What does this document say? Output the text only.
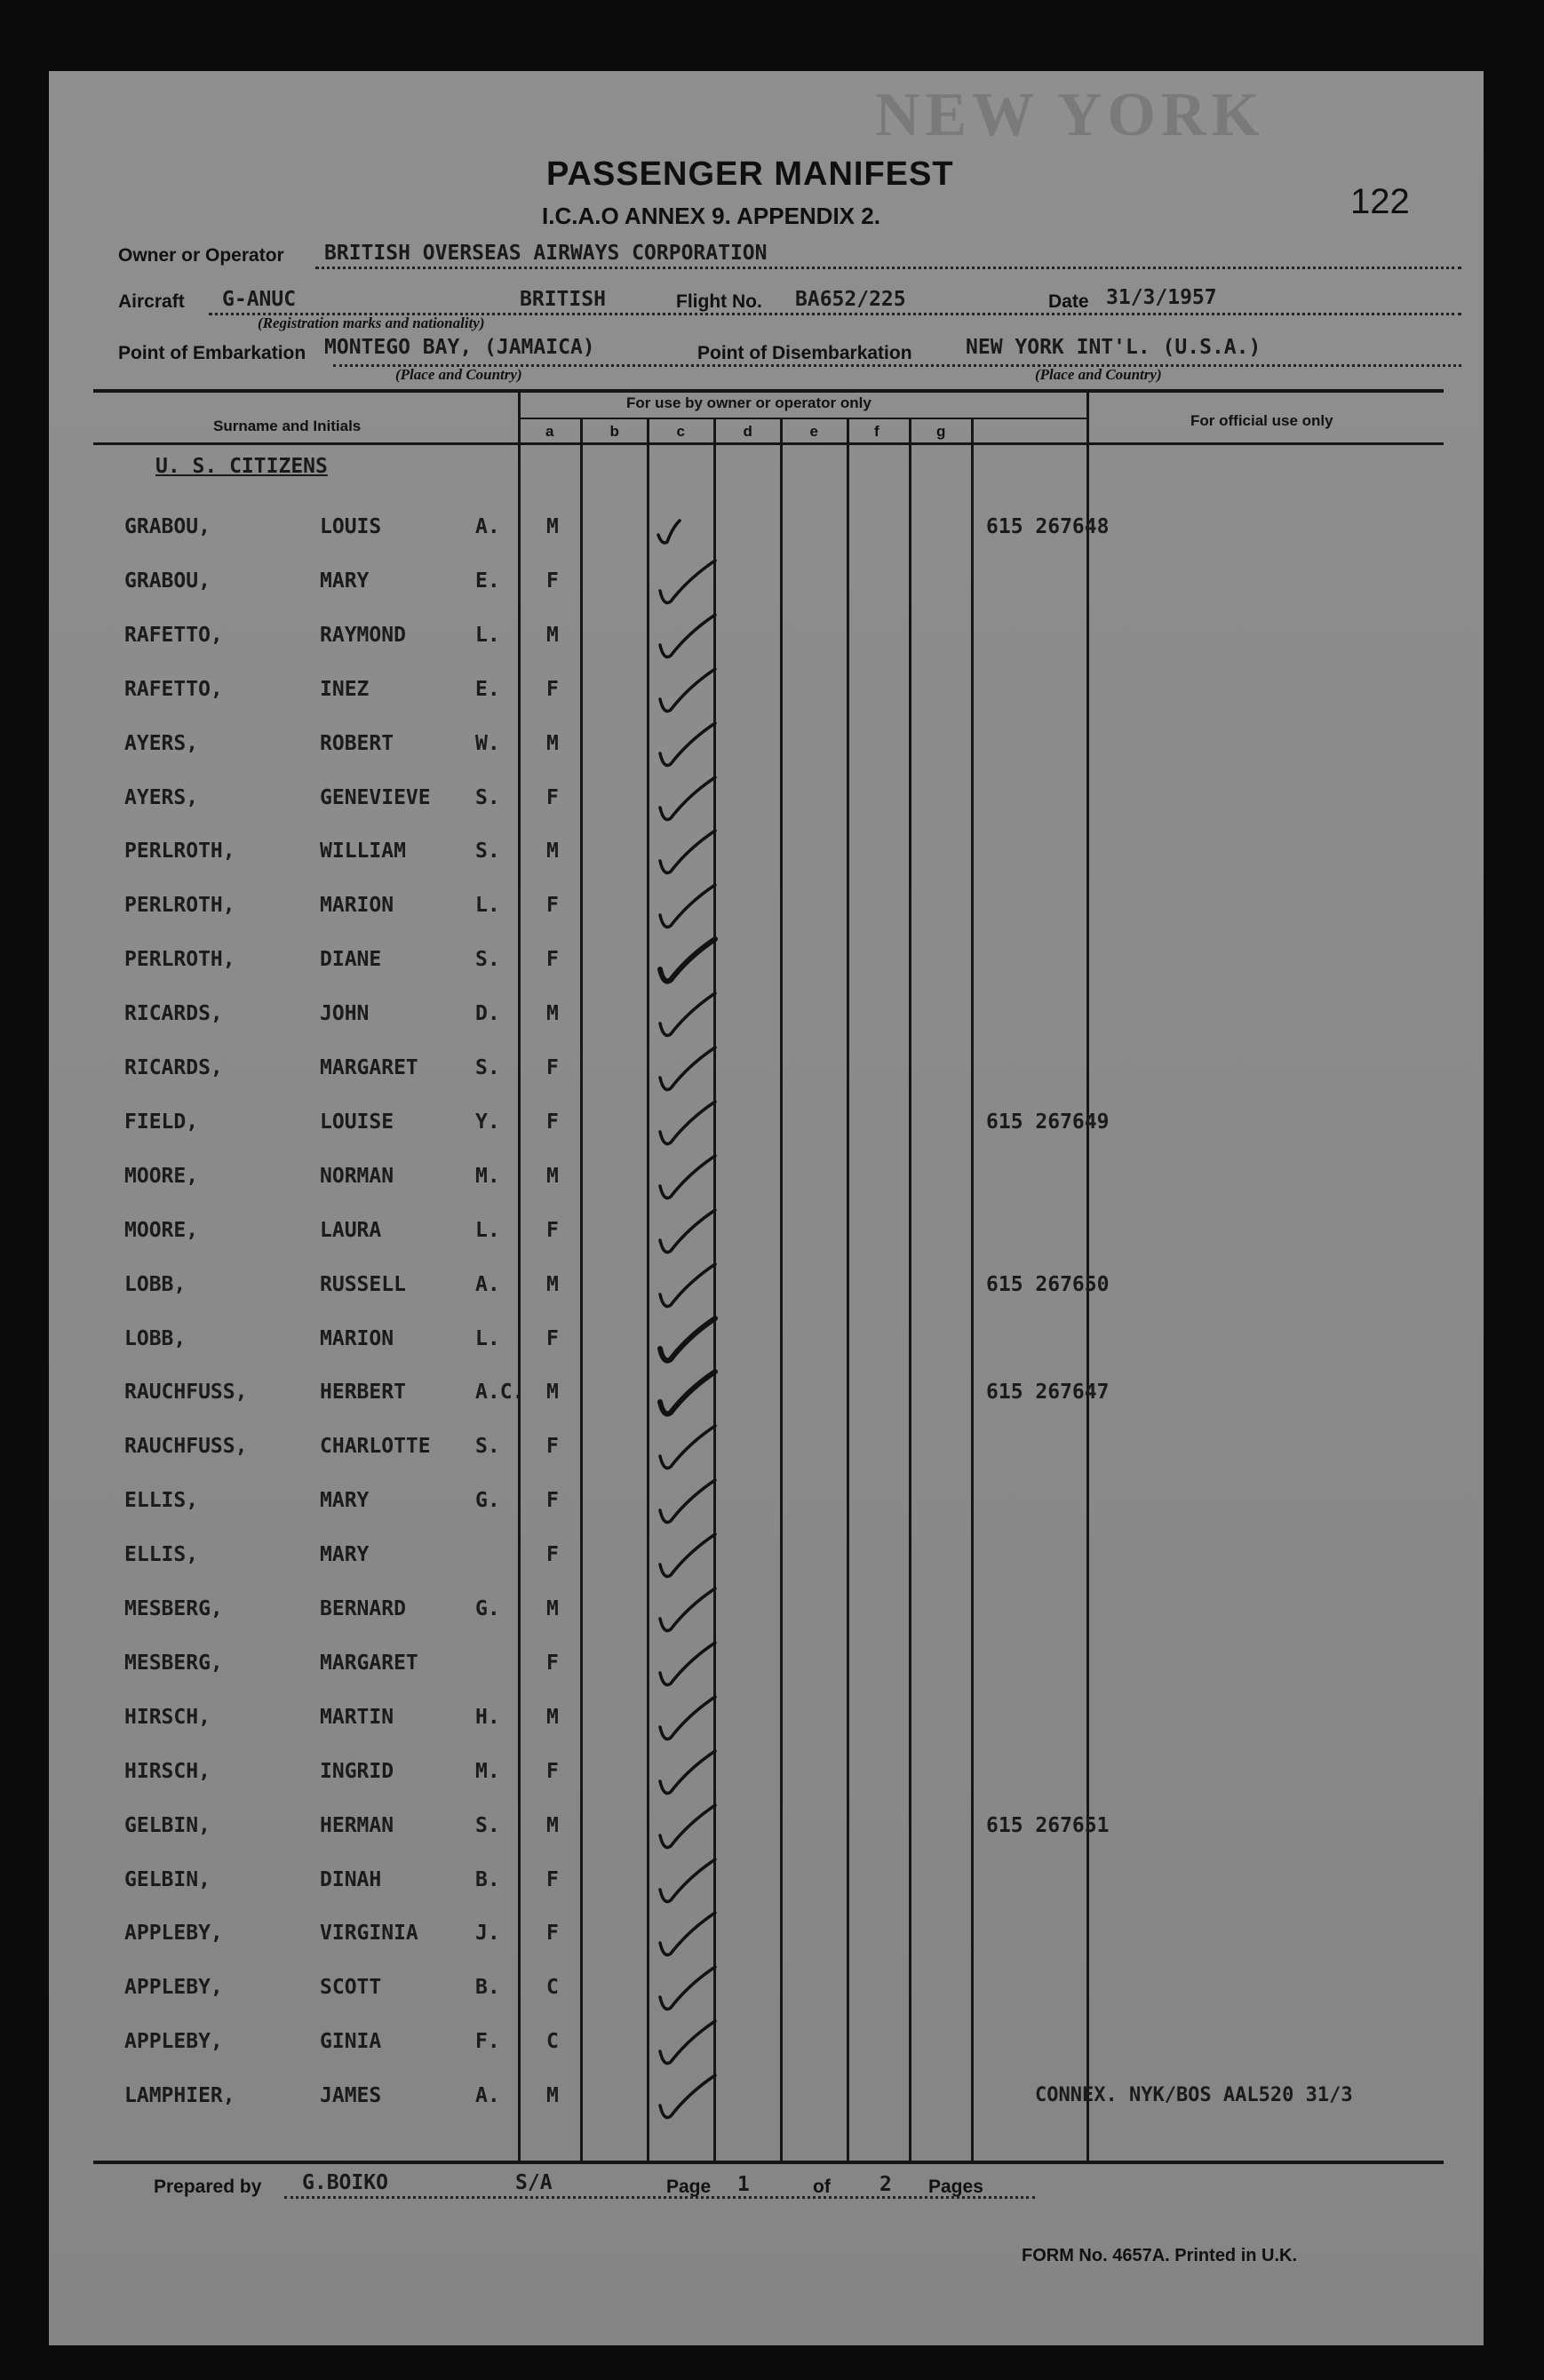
NEW YORK
PASSENGER MANIFEST
I.C.A.O ANNEX 9. APPENDIX 2.	122
Owner or Operator BRITISH OVERSEAS AIRWAYS CORPORATION
Aircraft G-ANUC	BRITISH
(Registration marks and nationality)
Flight No. BA652/225	Date 31/3/1957
Point of Embarkation MONTEGO BAY, (JAMAICA)
(Place and Country)
Point of Disembarkation	NEW YORK INT'L. (U.S.A.)
(Place and Country)
Surname and Initials
For use by owner or operator only
For official use only
a	b	c	d	e	f	g
U. S. CITIZENS
GRABOU,	LOUIS	A. M	615 267648
GRABOU,	MARY	E. F
RAFETTO,	RAYMOND	L. M
RAFETTO,	INEZ	E. F
AYERS,	ROBERT	W. M
AYERS,	GENEVIEVE S. F
PERLROTH,	WILLIAM	S. M
PERLROTH,	MARION	L. F
PERLROTH,	DIANE	S. F
RICARDS,	JOHN	D. M
RICARDS,	MARGARET	S. F
FIELD,	LOUISE	Y. F	615 267649
MOORE,	NORMAN	M. M
MOORE,	LAURA	L. F
LOBB,	RUSSELL	A. M	615 267650
LOBB,	MARION	L. F
RAUCHFUSS,	HERBERT	A.C. M	615 267647
RAUCHFUSS,	CHARLOTTE S. F
ELLIS,	MARY	G. F
ELLIS,	MARY	F
MESBERG,	BERNARD	G. M
MESBERG,	MARGARET	F
HIRSCH,	MARTIN	H. M
HIRSCH,	INGRID	M. F
GELBIN,	HERMAN	S. M	615 267651
GELBIN,	DINAH	B. F
APPLEBY,	VIRGINIA	J. F
APPLEBY,	SCOTT	B. C
APPLEBY,	GINIA	F. C
LAMPHIER,	JAMES	A. M	CONNEX. NYK/BOS AAL520 31/3
Prepared by G.BOIKO	S/A	Page 1	of 2 Pages
FORM No. 4657A. Printed in U.K.
